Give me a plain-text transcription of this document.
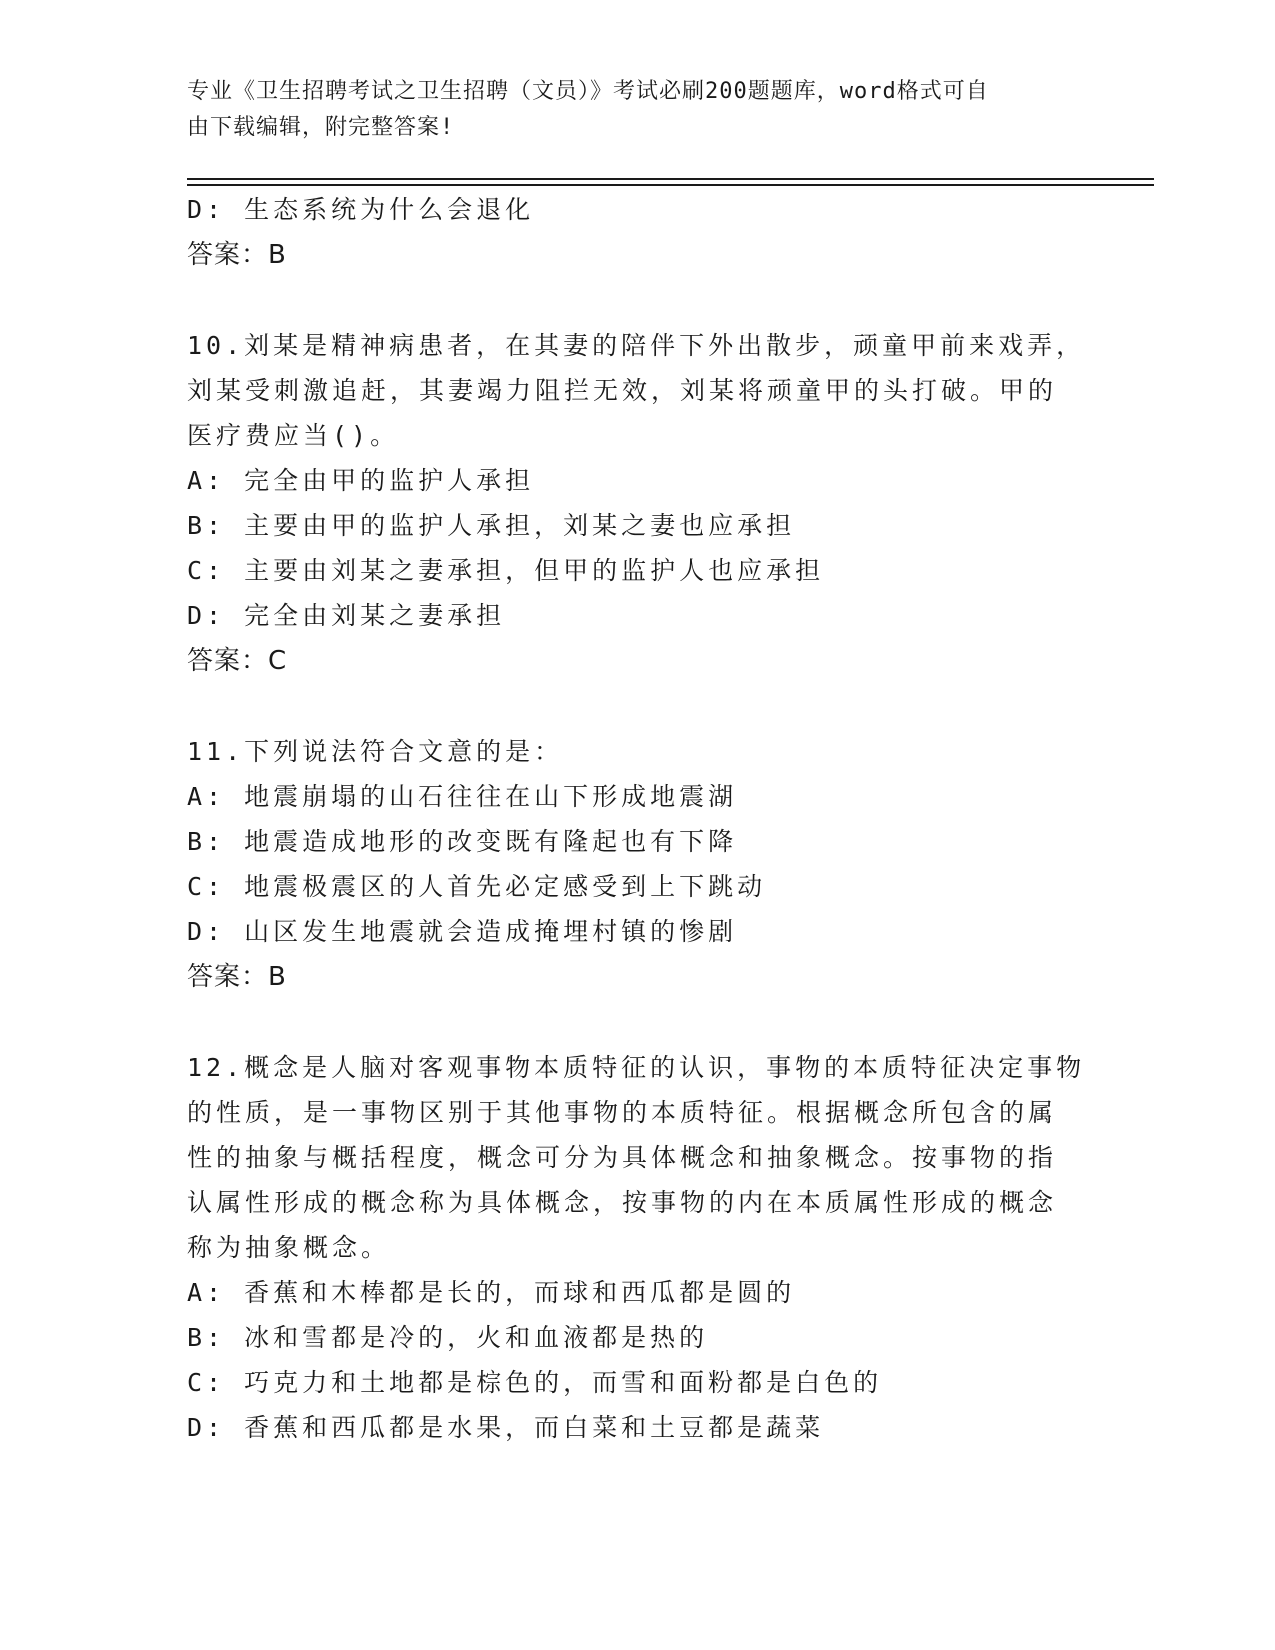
专业《卫生招聘考试之卫生招聘（文员）》考试必刷200题题库，word格式可自
由下载编辑，附完整答案!
D: 生态系统为什么会退化
答案：B
10.刘某是精神病患者，在其妻的陪伴下外出散步，顽童甲前来戏弄，
刘某受刺激追赶，其妻竭力阻拦无效，刘某将顽童甲的头打破。甲的
医疗费应当()。
A: 完全由甲的监护人承担
B: 主要由甲的监护人承担，刘某之妻也应承担
C: 主要由刘某之妻承担，但甲的监护人也应承担
D: 完全由刘某之妻承担
答案：C
11.下列说法符合文意的是：
A: 地震崩塌的山石往往在山下形成地震湖
B: 地震造成地形的改变既有隆起也有下降
C: 地震极震区的人首先必定感受到上下跳动
D: 山区发生地震就会造成掩埋村镇的惨剧
答案：B
12.概念是人脑对客观事物本质特征的认识，事物的本质特征决定事物
的性质，是一事物区别于其他事物的本质特征。根据概念所包含的属
性的抽象与概括程度，概念可分为具体概念和抽象概念。按事物的指
认属性形成的概念称为具体概念，按事物的内在本质属性形成的概念
称为抽象概念。
A: 香蕉和木棒都是长的，而球和西瓜都是圆的
B: 冰和雪都是冷的，火和血液都是热的
C: 巧克力和土地都是棕色的，而雪和面粉都是白色的
D: 香蕉和西瓜都是水果，而白菜和土豆都是蔬菜
